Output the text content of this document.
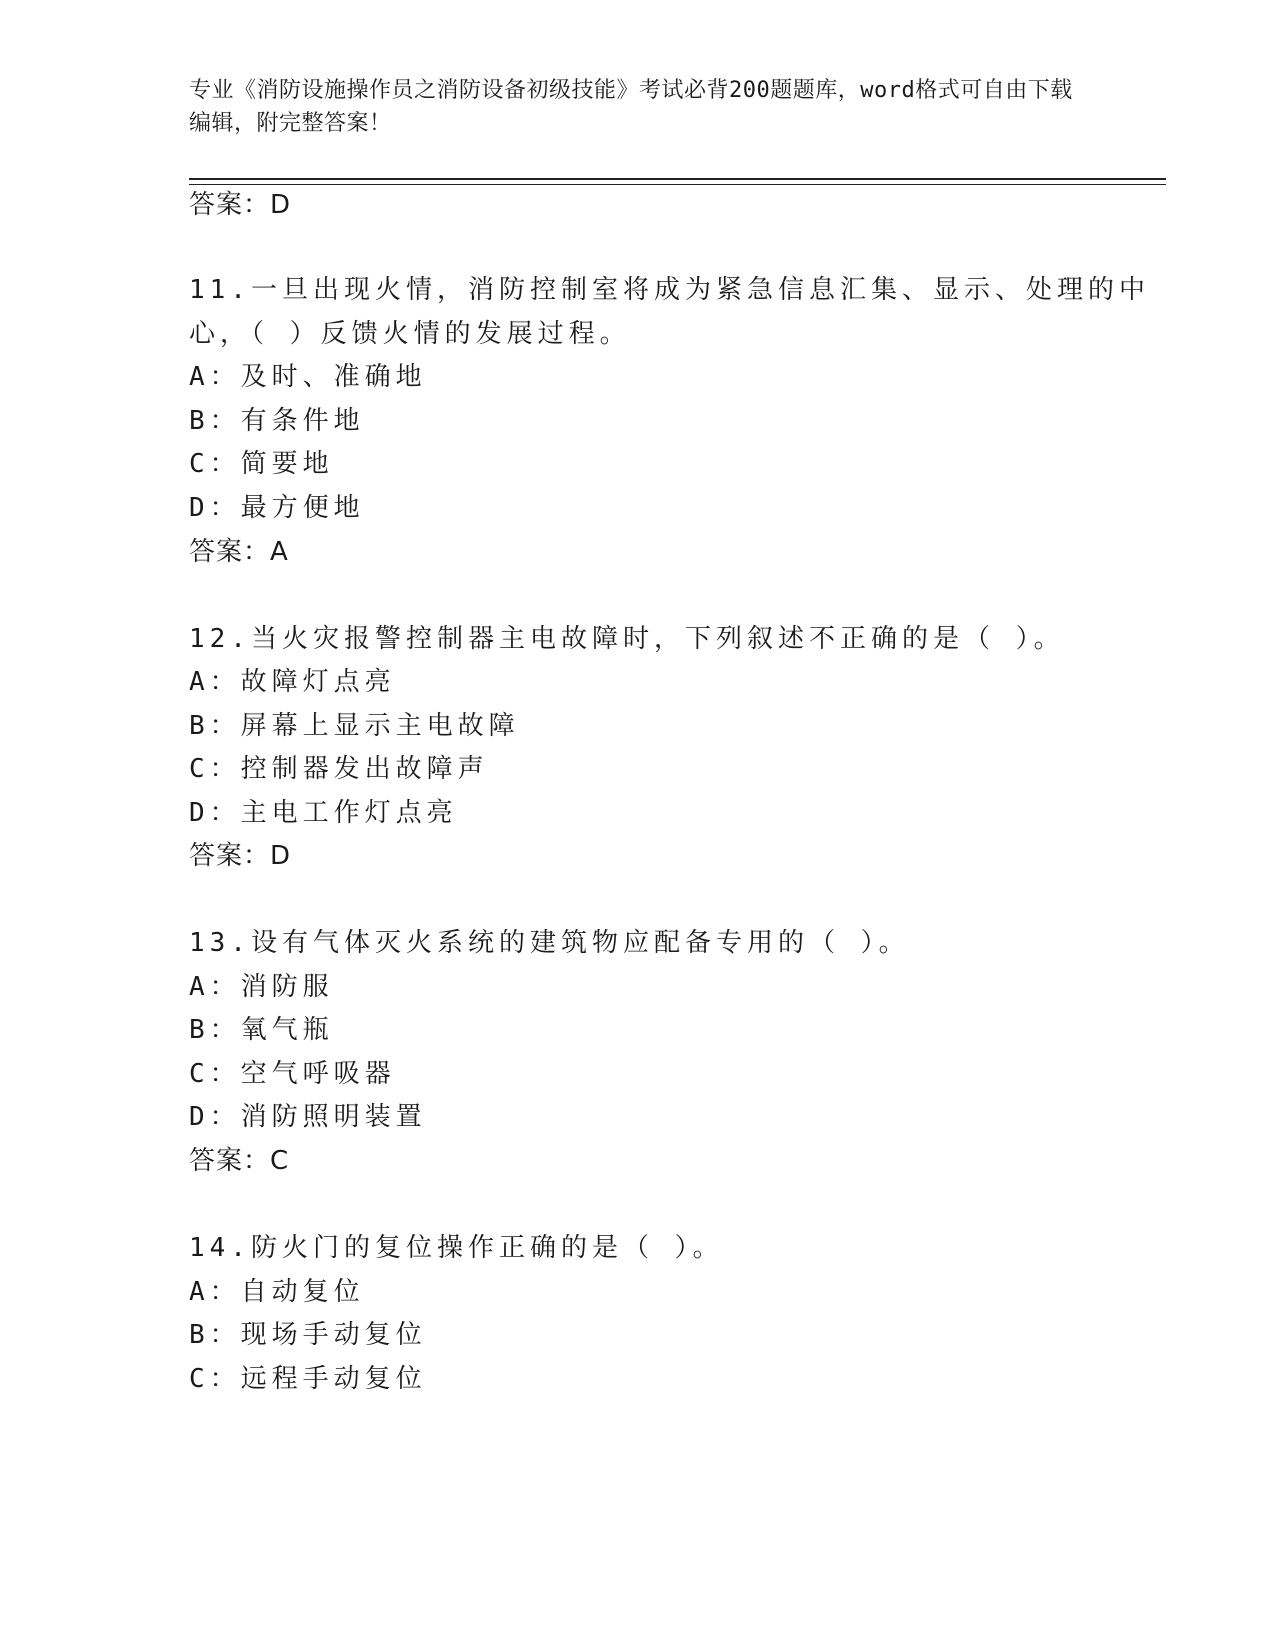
专业《消防设施操作员之消防设备初级技能》考试必背200题题库，word格式可自由下载编辑，附完整答案！
答案：D
11.一旦出现火情，消防控制室将成为紧急信息汇集、显示、处理的中
心，（ ）反馈火情的发展过程。
A：及时、准确地
B：有条件地
C：简要地
D：最方便地
答案：A
12.当火灾报警控制器主电故障时，下列叙述不正确的是（ ）。
A：故障灯点亮
B：屏幕上显示主电故障
C：控制器发出故障声
D：主电工作灯点亮
答案：D
13.设有气体灭火系统的建筑物应配备专用的（ ）。
A：消防服
B：氧气瓶
C：空气呼吸器
D：消防照明装置
答案：C
14.防火门的复位操作正确的是（ ）。
A：自动复位
B：现场手动复位
C：远程手动复位
